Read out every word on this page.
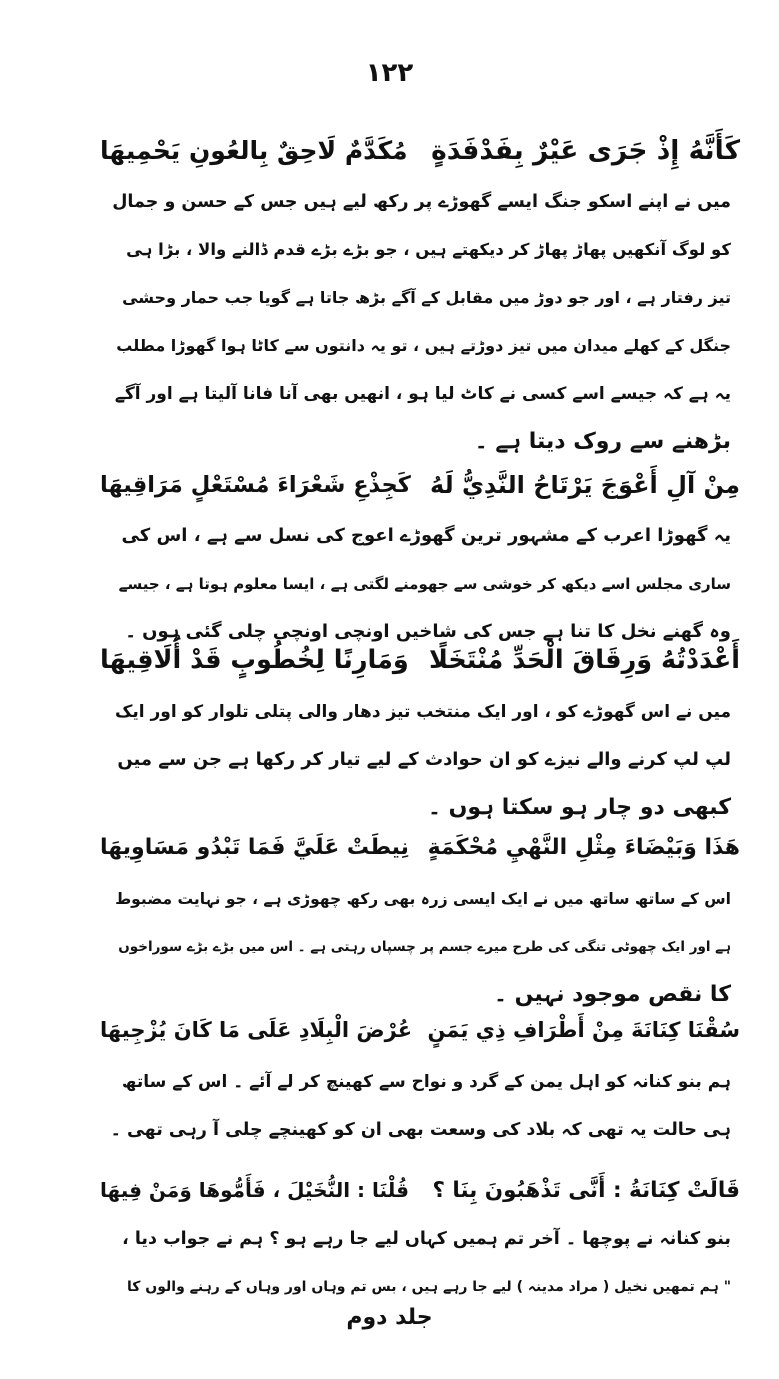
١٢٢
كَأَنَّهُ إِذْ جَرَى عَيْرٌ بِفَدْفَدَةٍ
مُكَدَّمٌ لَاحِقٌ بِالعُونِ يَحْمِيهَا
میں نے اپنے اسکو جنگ ایسے گھوڑے پر رکھ لیے ہیں جس کے حسن و جمال
کو لوگ آنکھیں پھاڑ پھاڑ کر دیکھتے ہیں ، جو بڑے بڑے قدم ڈالنے والا ، بڑا ہی
تیز رفتار ہے ، اور جو دوڑ میں مقابل کے آگے بڑھ جاتا ہے گویا جب حمار وحشی
جنگل کے کھلے میدان میں تیز دوڑتے ہیں ، تو یہ دانتوں سے کاٹا ہوا گھوڑا مطلب
یہ ہے کہ جیسے اسے کسی نے کاٹ لیا ہو ، انھیں بھی آنا فانا آلیتا ہے اور آگے
بڑھنے سے روک دیتا ہے ۔
مِنْ آلِ أَعْوَجَ يَرْتَاحُ النَّدِيُّ لَهُ
كَجِذْعِ شَعْرَاءَ مُسْتَعْلٍ مَرَاقِيهَا
یہ گھوڑا اعرب کے مشہور ترین گھوڑے اعوج کی نسل سے ہے ، اس کی
ساری مجلس اسے دیکھ کر خوشی سے جھومنے لگتی ہے ، ایسا معلوم ہوتا ہے ، جیسے
وہ گھنے نخل کا تنا ہے جس کی شاخیں اونچی اونچی چلی گئی ہوں ۔
أَعْدَدْتُهُ وَرِقَاقَ الْحَدِّ مُنْتَخَلًا
وَمَارِنًا لِخُطُوبٍ قَدْ أُلَاقِيهَا
میں نے اس گھوڑے کو ، اور ایک منتخب تیز دھار والی پتلی تلوار کو اور ایک
لپ لپ کرنے والے نیزے کو ان حوادث کے لیے تیار کر رکھا ہے جن سے میں
کبھی دو چار ہو سکتا ہوں ۔
هَذَا وَبَيْضَاءَ مِثْلِ النَّهْيِ مُحْكَمَةٍ
نِيطَتْ عَلَيَّ فَمَا تَبْدُو مَسَاوِيهَا
اس کے ساتھ ساتھ میں نے ایک ایسی زرہ بھی رکھ چھوڑی ہے ، جو نہایت مضبوط
ہے اور ایک چھوٹی تنگی کی طرح میرے جسم پر چسپاں رہتی ہے ۔ اس میں بڑے بڑے سوراخوں
کا نقص موجود نہیں ۔
سُقْنَا كِنَانَةَ مِنْ أَطْرَافِ ذِي يَمَنٍ
عُرْضَ الْبِلَادِ عَلَى مَا كَانَ يُزْجِيهَا
ہم بنو کنانہ کو اہل یمن کے گرد و نواح سے کھینچ کر لے آئے ۔ اس کے ساتھ
ہی حالت یہ تھی کہ بلاد کی وسعت بھی ان کو کھینچے چلی آ رہی تھی ۔
قَالَتْ كِنَانَةُ : أَنَّى تَذْهَبُونَ بِنَا ؟
قُلْنَا : النُّخَيْلَ ، فَأَمُّوهَا وَمَنْ فِيهَا
بنو کنانہ نے پوچھا ۔ آخر تم ہمیں کہاں لیے جا رہے ہو ؟ ہم نے جواب دیا ،
" ہم تمھیں نخیل ( مراد مدینہ ) لیے جا رہے ہیں ، بس تم وہاں اور وہاں کے رہنے والوں کا
جلد دوم
